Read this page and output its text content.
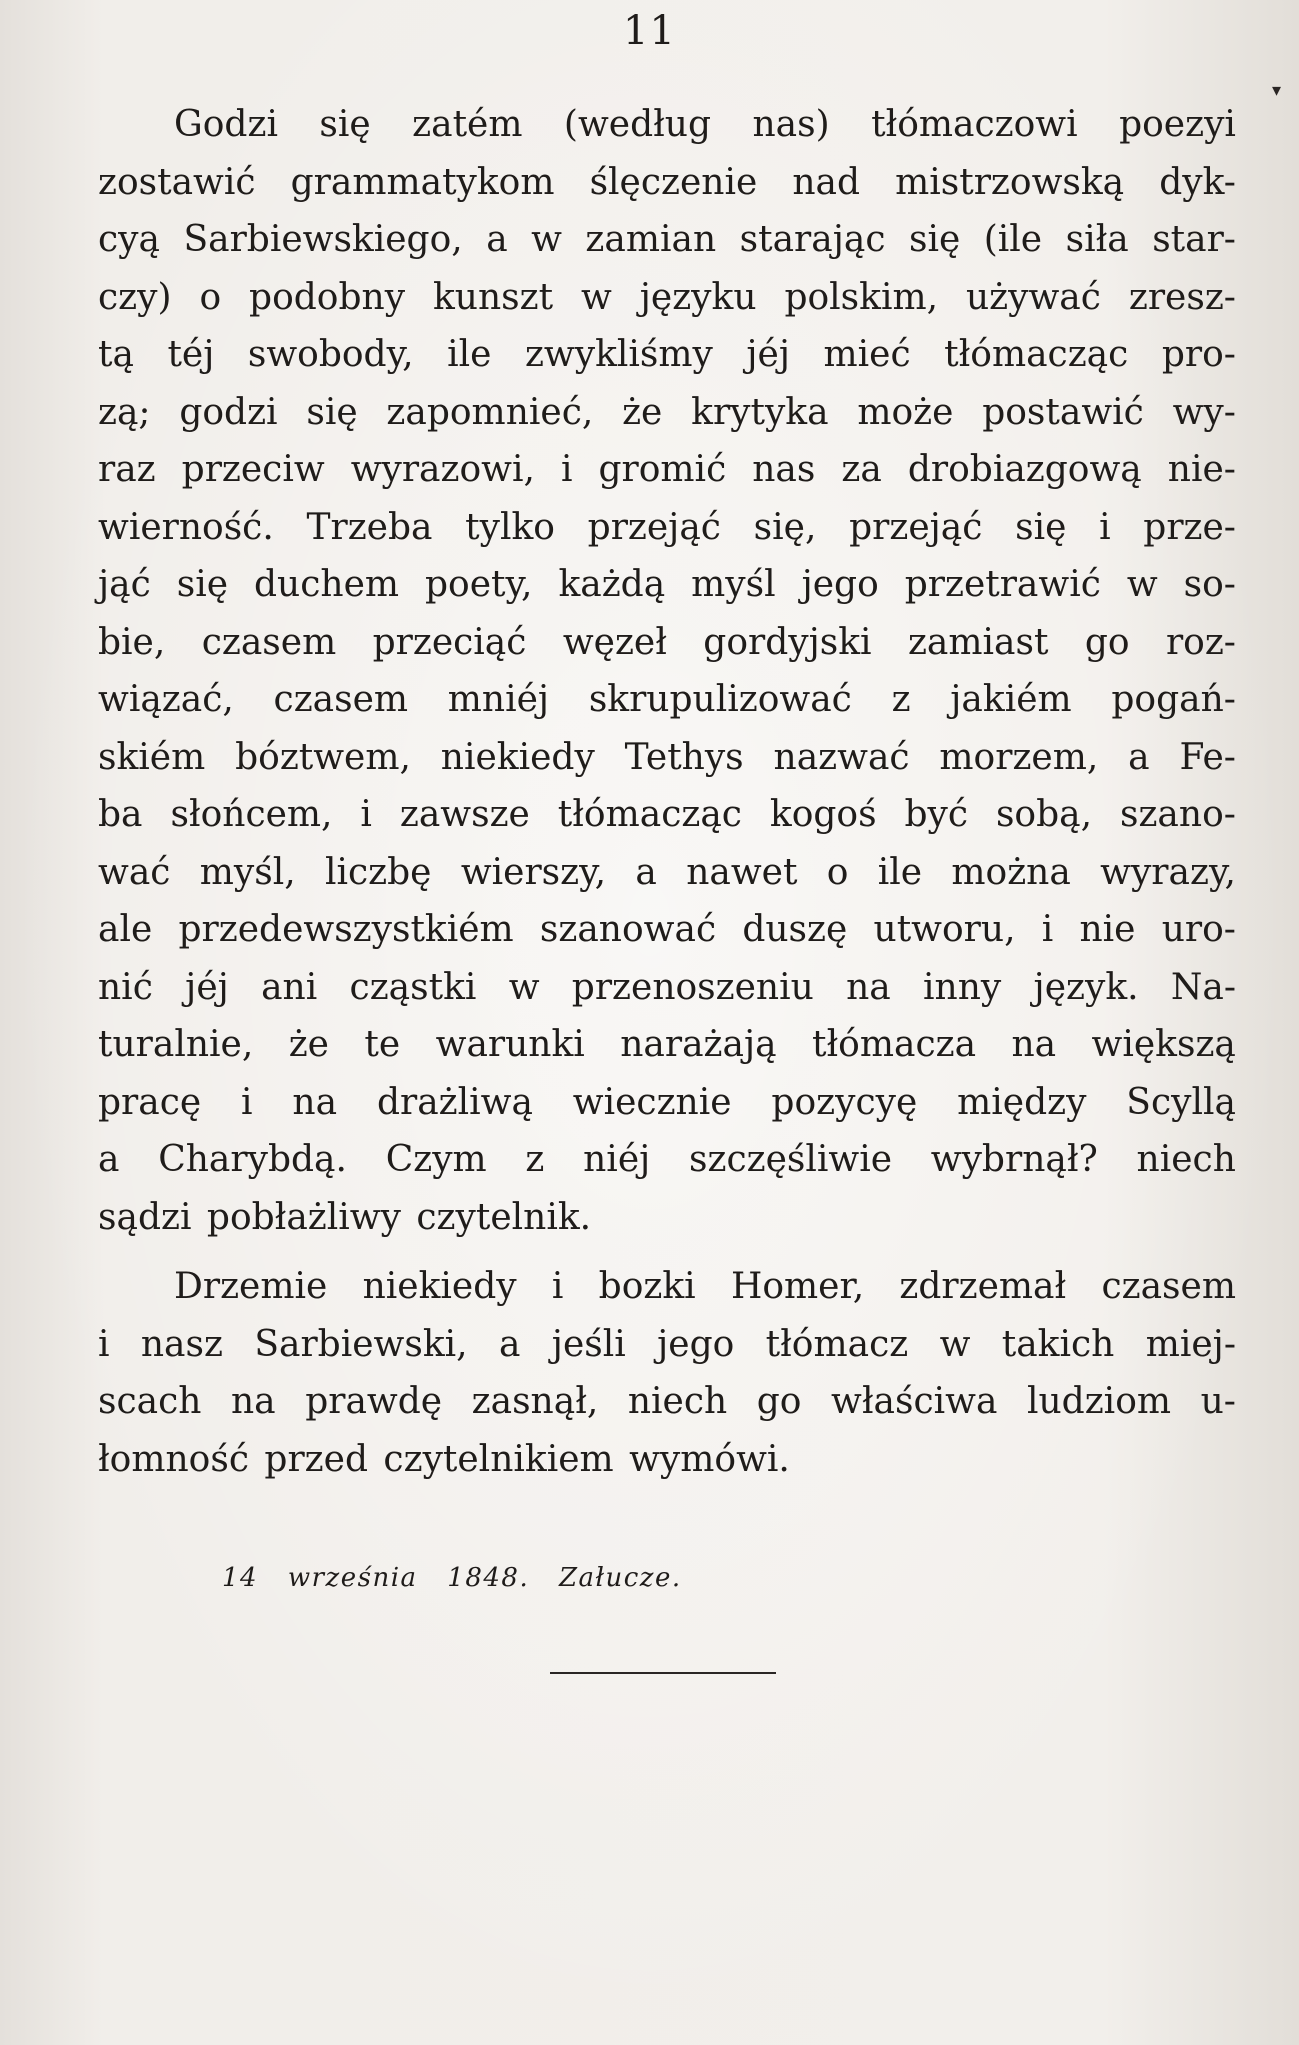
11
▾
Godzi się zatém (według nas) tłómaczowi poezyi
zostawić grammatykom ślęczenie nad mistrzowską dyk-
cyą Sarbiewskiego, a w zamian starając się (ile siła star-
czy) o podobny kunszt w języku polskim, używać zresz-
tą téj swobody, ile zwykliśmy jéj mieć tłómacząc pro-
zą; godzi się zapomnieć, że krytyka może postawić wy-
raz przeciw wyrazowi, i gromić nas za drobiazgową nie-
wierność. Trzeba tylko przejąć się, przejąć się i prze-
jąć się duchem poety, każdą myśl jego przetrawić w so-
bie, czasem przeciąć węzeł gordyjski zamiast go roz-
wiązać, czasem mniéj skrupulizować z jakiém pogań-
skiém bóztwem, niekiedy Tethys nazwać morzem, a Fe-
ba słońcem, i zawsze tłómacząc kogoś być sobą, szano-
wać myśl, liczbę wierszy, a nawet o ile można wyrazy,
ale przedewszystkiém szanować duszę utworu, i nie uro-
nić jéj ani cząstki w przenoszeniu na inny język. Na-
turalnie, że te warunki narażają tłómacza na większą
pracę i na drażliwą wiecznie pozycyę między Scyllą
a Charybdą. Czym z niéj szczęśliwie wybrnął? niech
sądzi pobłażliwy czytelnik.
Drzemie niekiedy i bozki Homer, zdrzemał czasem
i nasz Sarbiewski, a jeśli jego tłómacz w takich miej-
scach na prawdę zasnął, niech go właściwa ludziom u-
łomność przed czytelnikiem wymówi.
14 września 1848. Załucze.
